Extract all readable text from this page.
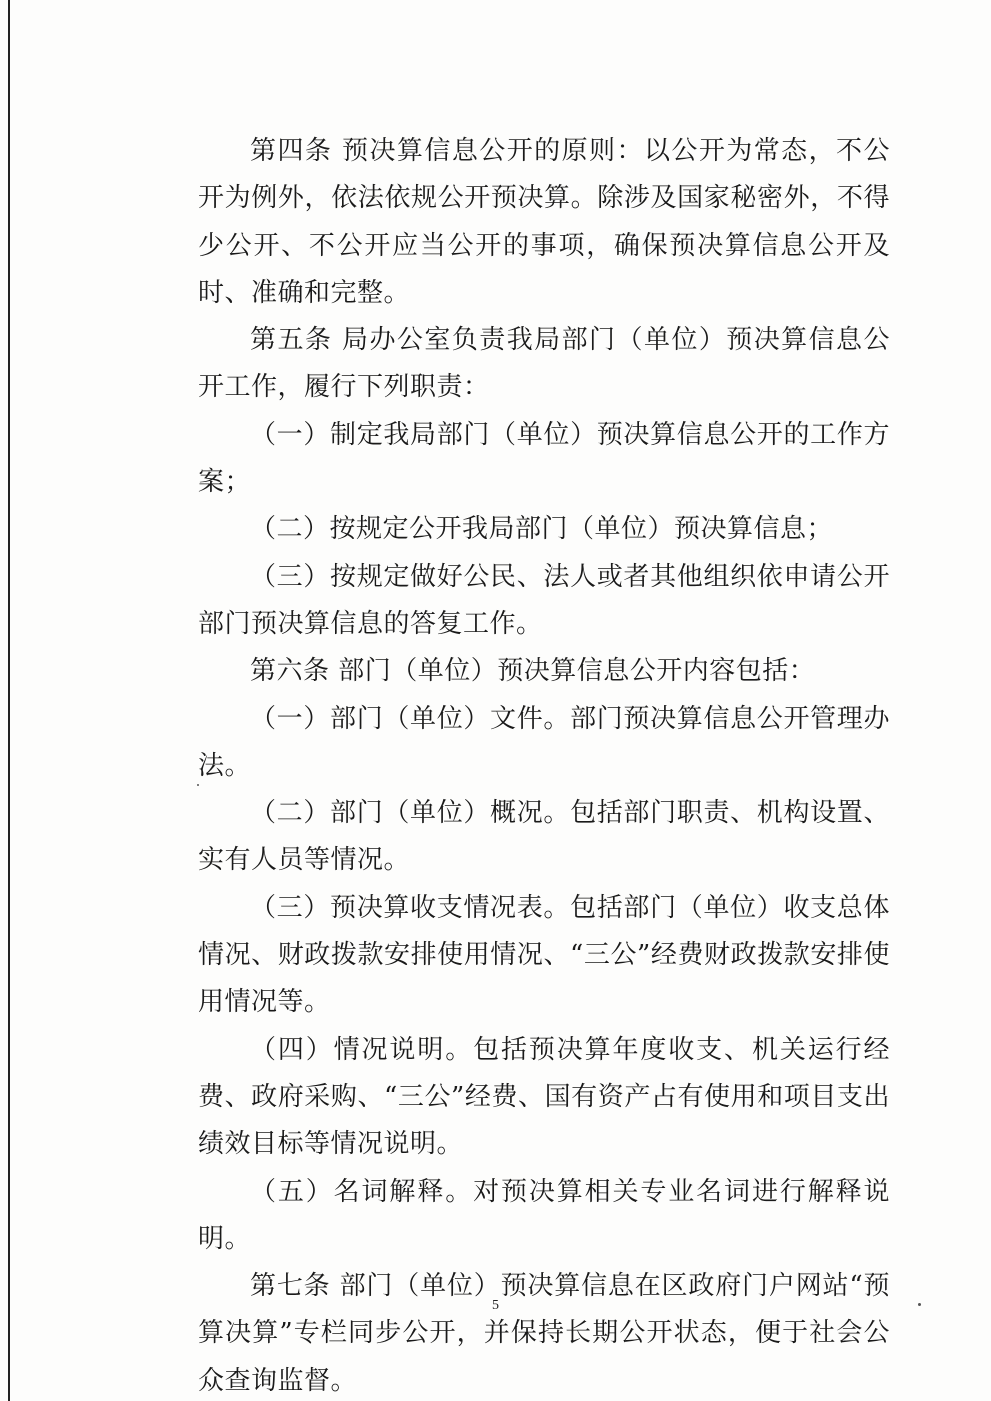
第四条 预决算信息公开的原则：以公开为常态，不公开为例外，依法依规公开预决算。除涉及国家秘密外，不得少公开、不公开应当公开的事项，确保预决算信息公开及时、准确和完整。

第五条 局办公室负责我局部门（单位）预决算信息公开工作，履行下列职责：

（一）制定我局部门（单位）预决算信息公开的工作方案；

（二）按规定公开我局部门（单位）预决算信息；

（三）按规定做好公民、法人或者其他组织依申请公开部门预决算信息的答复工作。

第六条 部门（单位）预决算信息公开内容包括：

（一）部门（单位）文件。部门预决算信息公开管理办法。

（二）部门（单位）概况。包括部门职责、机构设置、实有人员等情况。

（三）预决算收支情况表。包括部门（单位）收支总体情况、财政拨款安排使用情况、“三公”经费财政拨款安排使用情况等。

（四）情况说明。包括预决算年度收支、机关运行经费、政府采购、“三公”经费、国有资产占有使用和项目支出绩效目标等情况说明。

（五）名词解释。对预决算相关专业名词进行解释说明。

第七条 部门（单位）预决算信息在区政府门户网站“预算决算”专栏同步公开，并保持长期公开状态，便于社会公众查询监督。

5
